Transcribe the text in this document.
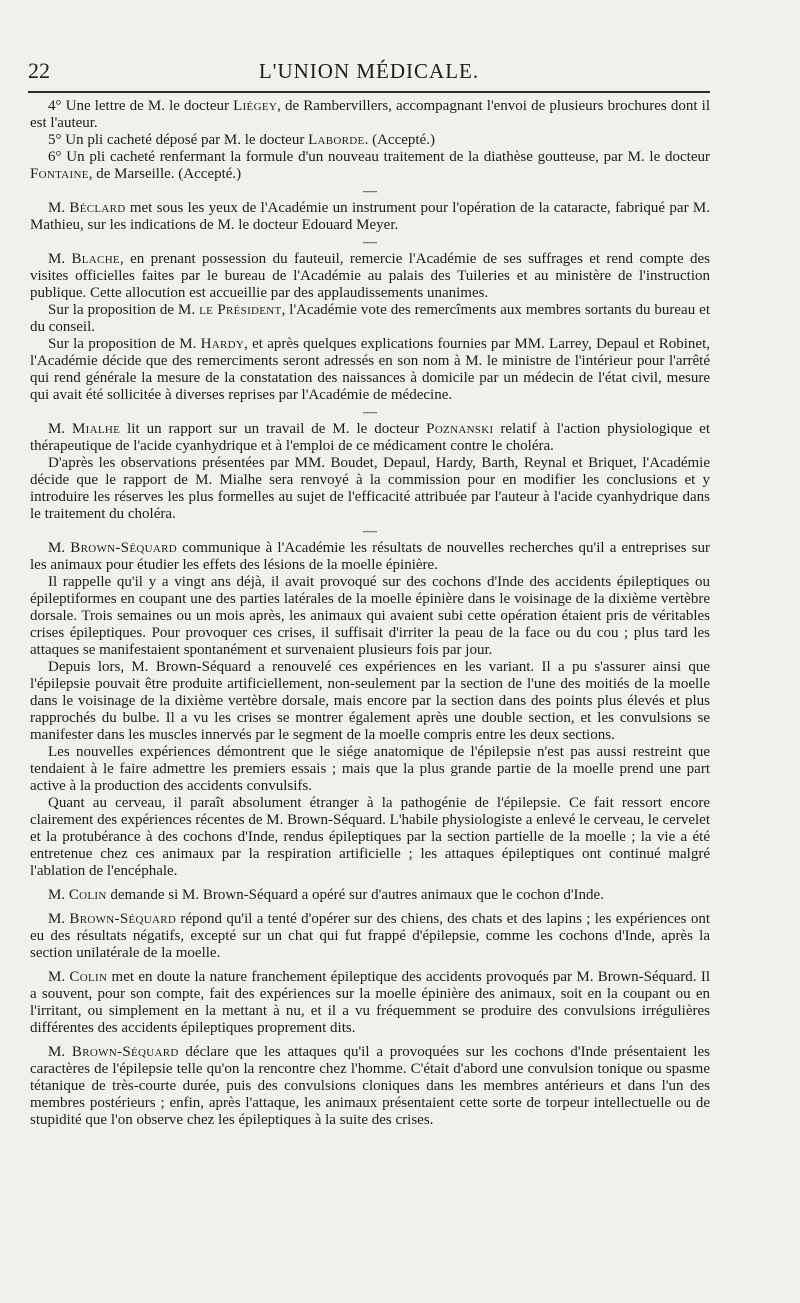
22	L'UNION MÉDICALE.

4° Une lettre de M. le docteur Liégey, de Rambervillers, accompagnant l'envoi de plusieurs brochures dont il est l'auteur.

5° Un pli cacheté déposé par M. le docteur Laborde. (Accepté.)

6° Un pli cacheté renfermant la formule d'un nouveau traitement de la diathèse goutteuse, par M. le docteur Fontaine, de Marseille. (Accepté.)

—

M. Béclard met sous les yeux de l'Académie un instrument pour l'opération de la cataracte, fabriqué par M. Mathieu, sur les indications de M. le docteur Edouard Meyer.

—

M. Blache, en prenant possession du fauteuil, remercie l'Académie de ses suffrages et rend compte des visites officielles faites par le bureau de l'Académie au palais des Tuileries et au ministère de l'instruction publique. Cette allocution est accueillie par des applaudissements unanimes.

Sur la proposition de M. le Président, l'Académie vote des remercîments aux membres sortants du bureau et du conseil.

Sur la proposition de M. Hardy, et après quelques explications fournies par MM. Larrey, Depaul et Robinet, l'Académie décide que des remerciments seront adressés en son nom à M. le ministre de l'intérieur pour l'arrêté qui rend générale la mesure de la constatation des naissances à domicile par un médecin de l'état civil, mesure qui avait été sollicitée à diverses reprises par l'Académie de médecine.

—

M. Mialhe lit un rapport sur un travail de M. le docteur Poznanski relatif à l'action physiologique et thérapeutique de l'acide cyanhydrique et à l'emploi de ce médicament contre le choléra.

D'après les observations présentées par MM. Boudet, Depaul, Hardy, Barth, Reynal et Briquet, l'Académie décide que le rapport de M. Mialhe sera renvoyé à la commission pour en modifier les conclusions et y introduire les réserves les plus formelles au sujet de l'efficacité attribuée par l'auteur à l'acide cyanhydrique dans le traitement du choléra.

—

M. Brown-Séquard communique à l'Académie les résultats de nouvelles recherches qu'il a entreprises sur les animaux pour étudier les effets des lésions de la moelle épinière.

Il rappelle qu'il y a vingt ans déjà, il avait provoqué sur des cochons d'Inde des accidents épileptiques ou épileptiformes en coupant une des parties latérales de la moelle épinière dans le voisinage de la dixième vertèbre dorsale. Trois semaines ou un mois après, les animaux qui avaient subi cette opération étaient pris de véritables crises épileptiques. Pour provoquer ces crises, il suffisait d'irriter la peau de la face ou du cou ; plus tard les attaques se manifestaient spontanément et survenaient plusieurs fois par jour.

Depuis lors, M. Brown-Séquard a renouvelé ces expériences en les variant. Il a pu s'assurer ainsi que l'épilepsie pouvait être produite artificiellement, non-seulement par la section de l'une des moitiés de la moelle dans le voisinage de la dixième vertèbre dorsale, mais encore par la section dans des points plus élevés et plus rapprochés du bulbe. Il a vu les crises se montrer également après une double section, et les convulsions se manifester dans les muscles innervés par le segment de la moelle compris entre les deux sections.

Les nouvelles expériences démontrent que le siége anatomique de l'épilepsie n'est pas aussi restreint que tendaient à le faire admettre les premiers essais ; mais que la plus grande partie de la moelle prend une part active à la production des accidents convulsifs.

Quant au cerveau, il paraît absolument étranger à la pathogénie de l'épilepsie. Ce fait ressort encore clairement des expériences récentes de M. Brown-Séquard. L'habile physiologiste a enlevé le cerveau, le cervelet et la protubérance à des cochons d'Inde, rendus épileptiques par la section partielle de la moelle ; la vie a été entretenue chez ces animaux par la respiration artificielle ; les attaques épileptiques ont continué malgré l'ablation de l'encéphale.

M. Colin demande si M. Brown-Séquard a opéré sur d'autres animaux que le cochon d'Inde.

M. Brown-Séquard répond qu'il a tenté d'opérer sur des chiens, des chats et des lapins ; les expériences ont eu des résultats négatifs, excepté sur un chat qui fut frappé d'épilepsie, comme les cochons d'Inde, après la section unilatérale de la moelle.

M. Colin met en doute la nature franchement épileptique des accidents provoqués par M. Brown-Séquard. Il a souvent, pour son compte, fait des expériences sur la moelle épinière des animaux, soit en la coupant ou en l'irritant, ou simplement en la mettant à nu, et il a vu fréquemment se produire des convulsions irrégulières différentes des accidents épileptiques proprement dits.

M. Brown-Séquard déclare que les attaques qu'il a provoquées sur les cochons d'Inde présentaient les caractères de l'épilepsie telle qu'on la rencontre chez l'homme. C'était d'abord une convulsion tonique ou spasme tétanique de très-courte durée, puis des convulsions cloniques dans les membres antérieurs et dans l'un des membres postérieurs ; enfin, après l'attaque, les animaux présentaient cette sorte de torpeur intellectuelle ou de stupidité que l'on observe chez les épileptiques à la suite des crises.
